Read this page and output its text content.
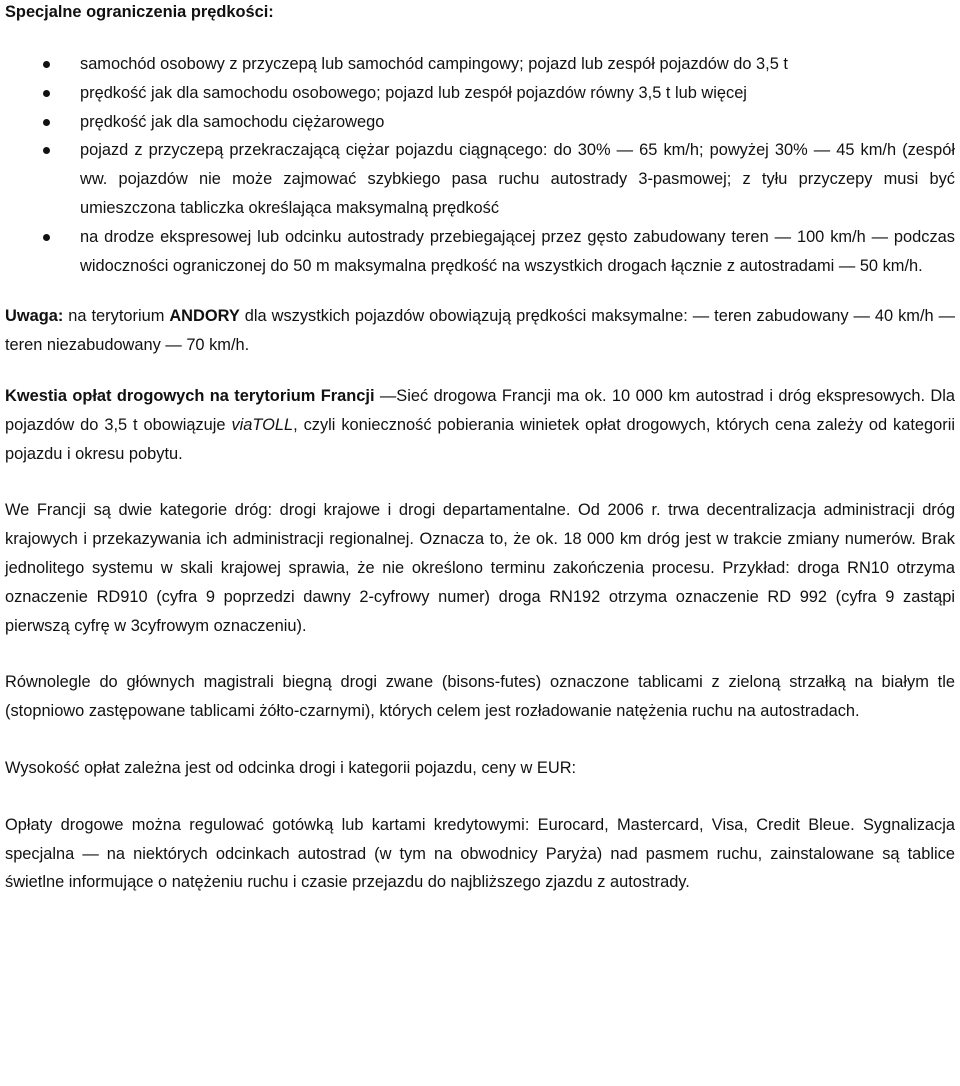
Specjalne ograniczenia prędkości:
samochód osobowy z przyczepą lub samochód campingowy; pojazd lub zespół pojazdów do 3,5 t
prędkość jak dla samochodu osobowego; pojazd lub zespół pojazdów równy 3,5 t lub więcej
prędkość jak dla samochodu ciężarowego
pojazd z przyczepą przekraczającą ciężar pojazdu ciągnącego: do 30% — 65 km/h; powyżej 30% — 45 km/h (zespół ww. pojazdów nie może zajmować szybkiego pasa ruchu autostrady 3-pasmowej; z tyłu przyczepy musi być umieszczona tabliczka określająca maksymalną prędkość
na drodze ekspresowej lub odcinku autostrady przebiegającej przez gęsto zabudowany teren — 100 km/h — podczas widoczności ograniczonej do 50 m maksymalna prędkość na wszystkich drogach łącznie z autostradami — 50 km/h.

Uwaga: na terytorium ANDORY dla wszystkich pojazdów obowiązują prędkości maksymalne: — teren zabudowany — 40 km/h — teren niezabudowany — 70 km/h.

Kwestia opłat drogowych na terytorium Francji —Sieć drogowa Francji ma ok. 10 000 km autostrad i dróg ekspresowych. Dla pojazdów do 3,5 t obowiązuje viaTOLL, czyli konieczność pobierania winietek opłat drogowych, których cena zależy od kategorii pojazdu i okresu pobytu.

We Francji są dwie kategorie dróg: drogi krajowe i drogi departamentalne. Od 2006 r. trwa decentralizacja administracji dróg krajowych i przekazywania ich administracji regionalnej. Oznacza to, że ok. 18 000 km dróg jest w trakcie zmiany numerów. Brak jednolitego systemu w skali krajowej sprawia, że nie określono terminu zakończenia procesu. Przykład: droga RN10 otrzyma oznaczenie RD910 (cyfra 9 poprzedzi dawny 2-cyfrowy numer) droga RN192 otrzyma oznaczenie RD 992 (cyfra 9 zastąpi pierwszą cyfrę w 3cyfrowym oznaczeniu).

Równolegle do głównych magistrali biegną drogi zwane (bisons-futes) oznaczone tablicami z zieloną strzałką na białym tle (stopniowo zastępowane tablicami żółto-czarnymi), których celem jest rozładowanie natężenia ruchu na autostradach.

Wysokość opłat zależna jest od odcinka drogi i kategorii pojazdu, ceny w EUR:

Opłaty drogowe można regulować gotówką lub kartami kredytowymi: Eurocard, Mastercard, Visa, Credit Bleue. Sygnalizacja specjalna — na niektórych odcinkach autostrad (w tym na obwodnicy Paryża) nad pasmem ruchu, zainstalowane są tablice świetlne informujące o natężeniu ruchu i czasie przejazdu do najbliższego zjazdu z autostrady.
